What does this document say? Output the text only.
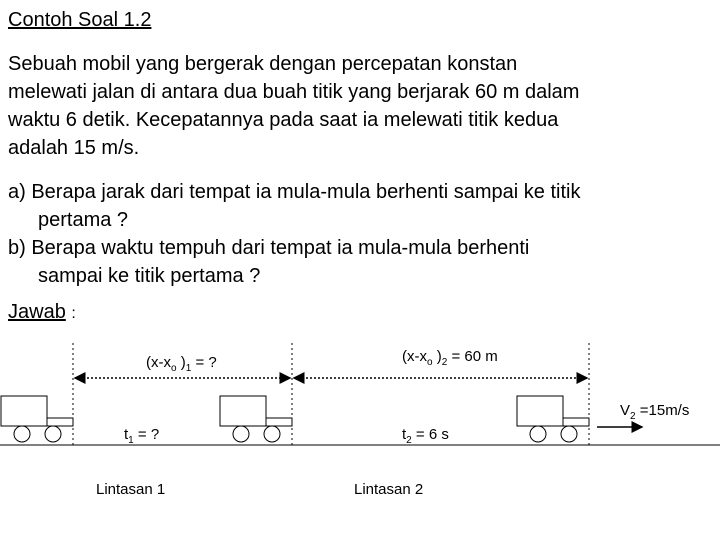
Contoh Soal 1.2
Sebuah mobil yang bergerak dengan percepatan konstan
melewati jalan di antara dua buah titik yang berjarak 60 m dalam
waktu 6 detik. Kecepatannya pada saat ia melewati titik kedua
adalah 15 m/s.
a) Berapa jarak dari tempat ia mula-mula berhenti sampai ke titik
pertama ?
b) Berapa waktu tempuh dari tempat ia mula-mula berhenti
sampai ke titik pertama ?
Jawab :
($x-x_o$ )$_1$ = ?	($x-x_o$ )$_2 = 60$ m
$V_2 =15m/s$
$t_1$ = ?	$t_2 = 6$ s
Lintasan 1	Lintasan 2
